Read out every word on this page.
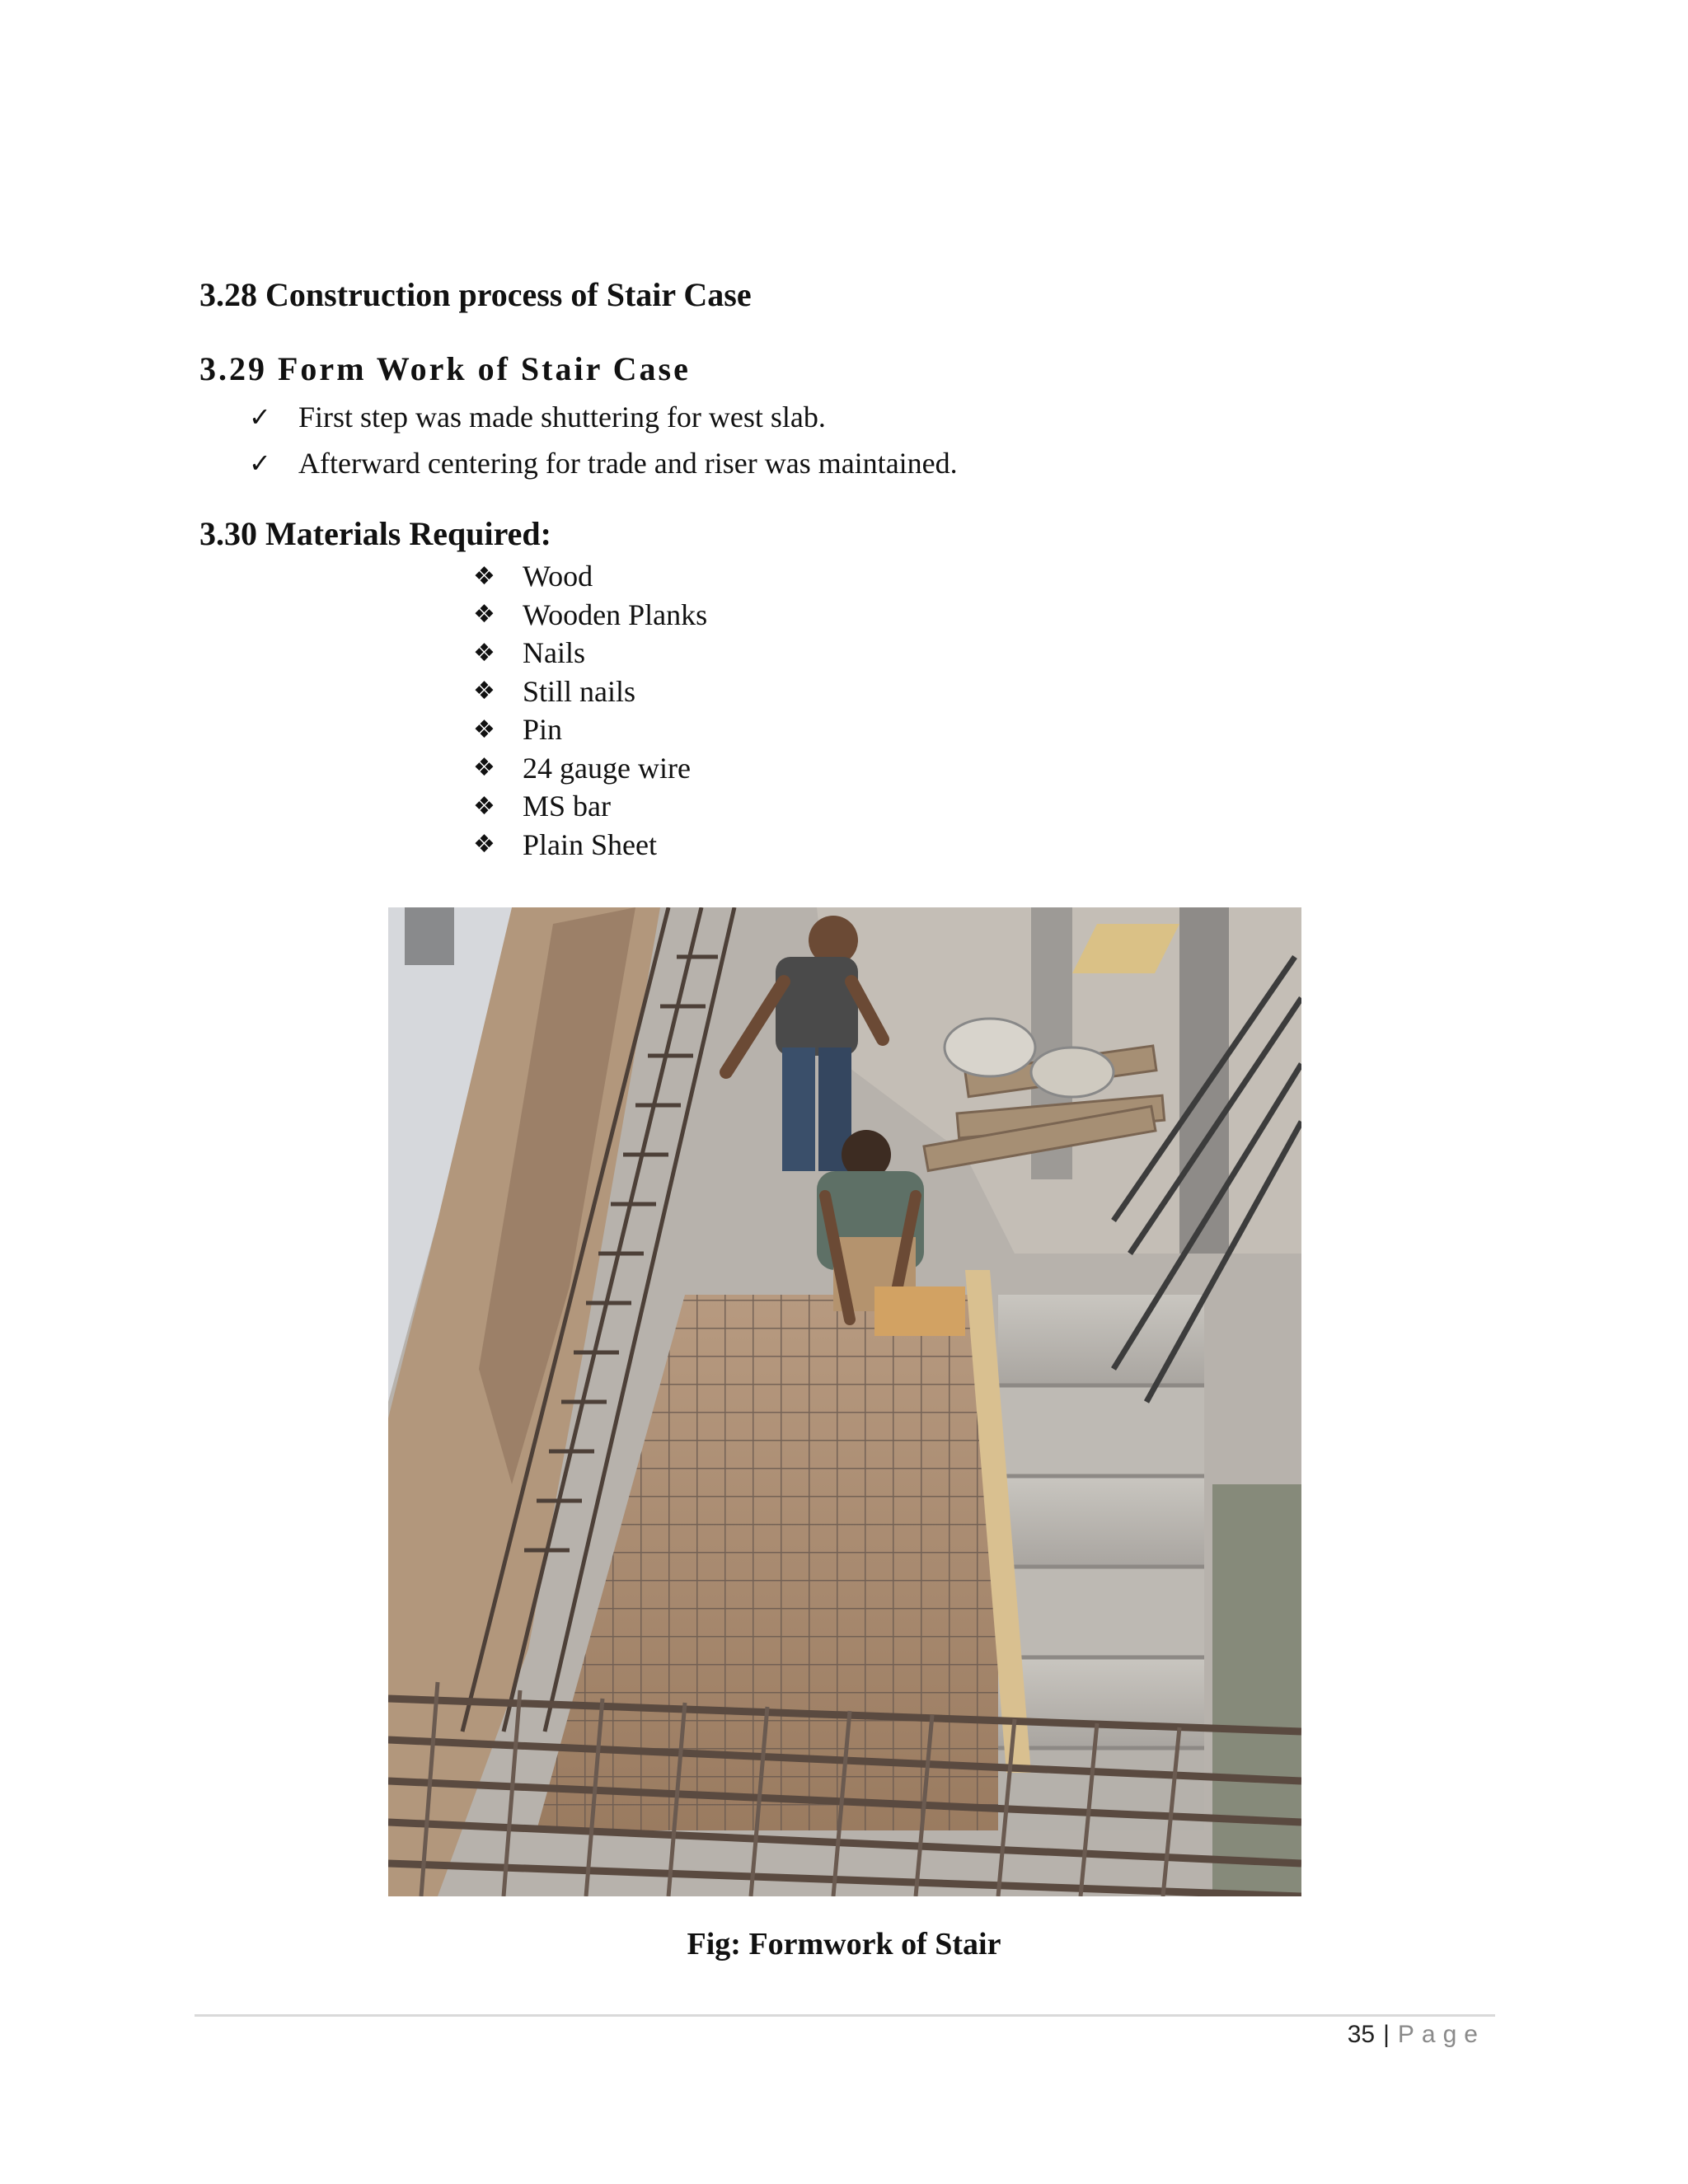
3.28 Construction process of Stair Case
3.29 Form Work of Stair Case
✓ First step was made shuttering for west slab.
✓ Afterward centering for trade and riser was maintained.
3.30 Materials Required:
❖ Wood
❖ Wooden Planks
❖ Nails
❖ Still nails
❖ Pin
❖ 24 gauge wire
❖ MS bar
❖ Plain Sheet
Fig: Formwork of Stair
35 | Page
